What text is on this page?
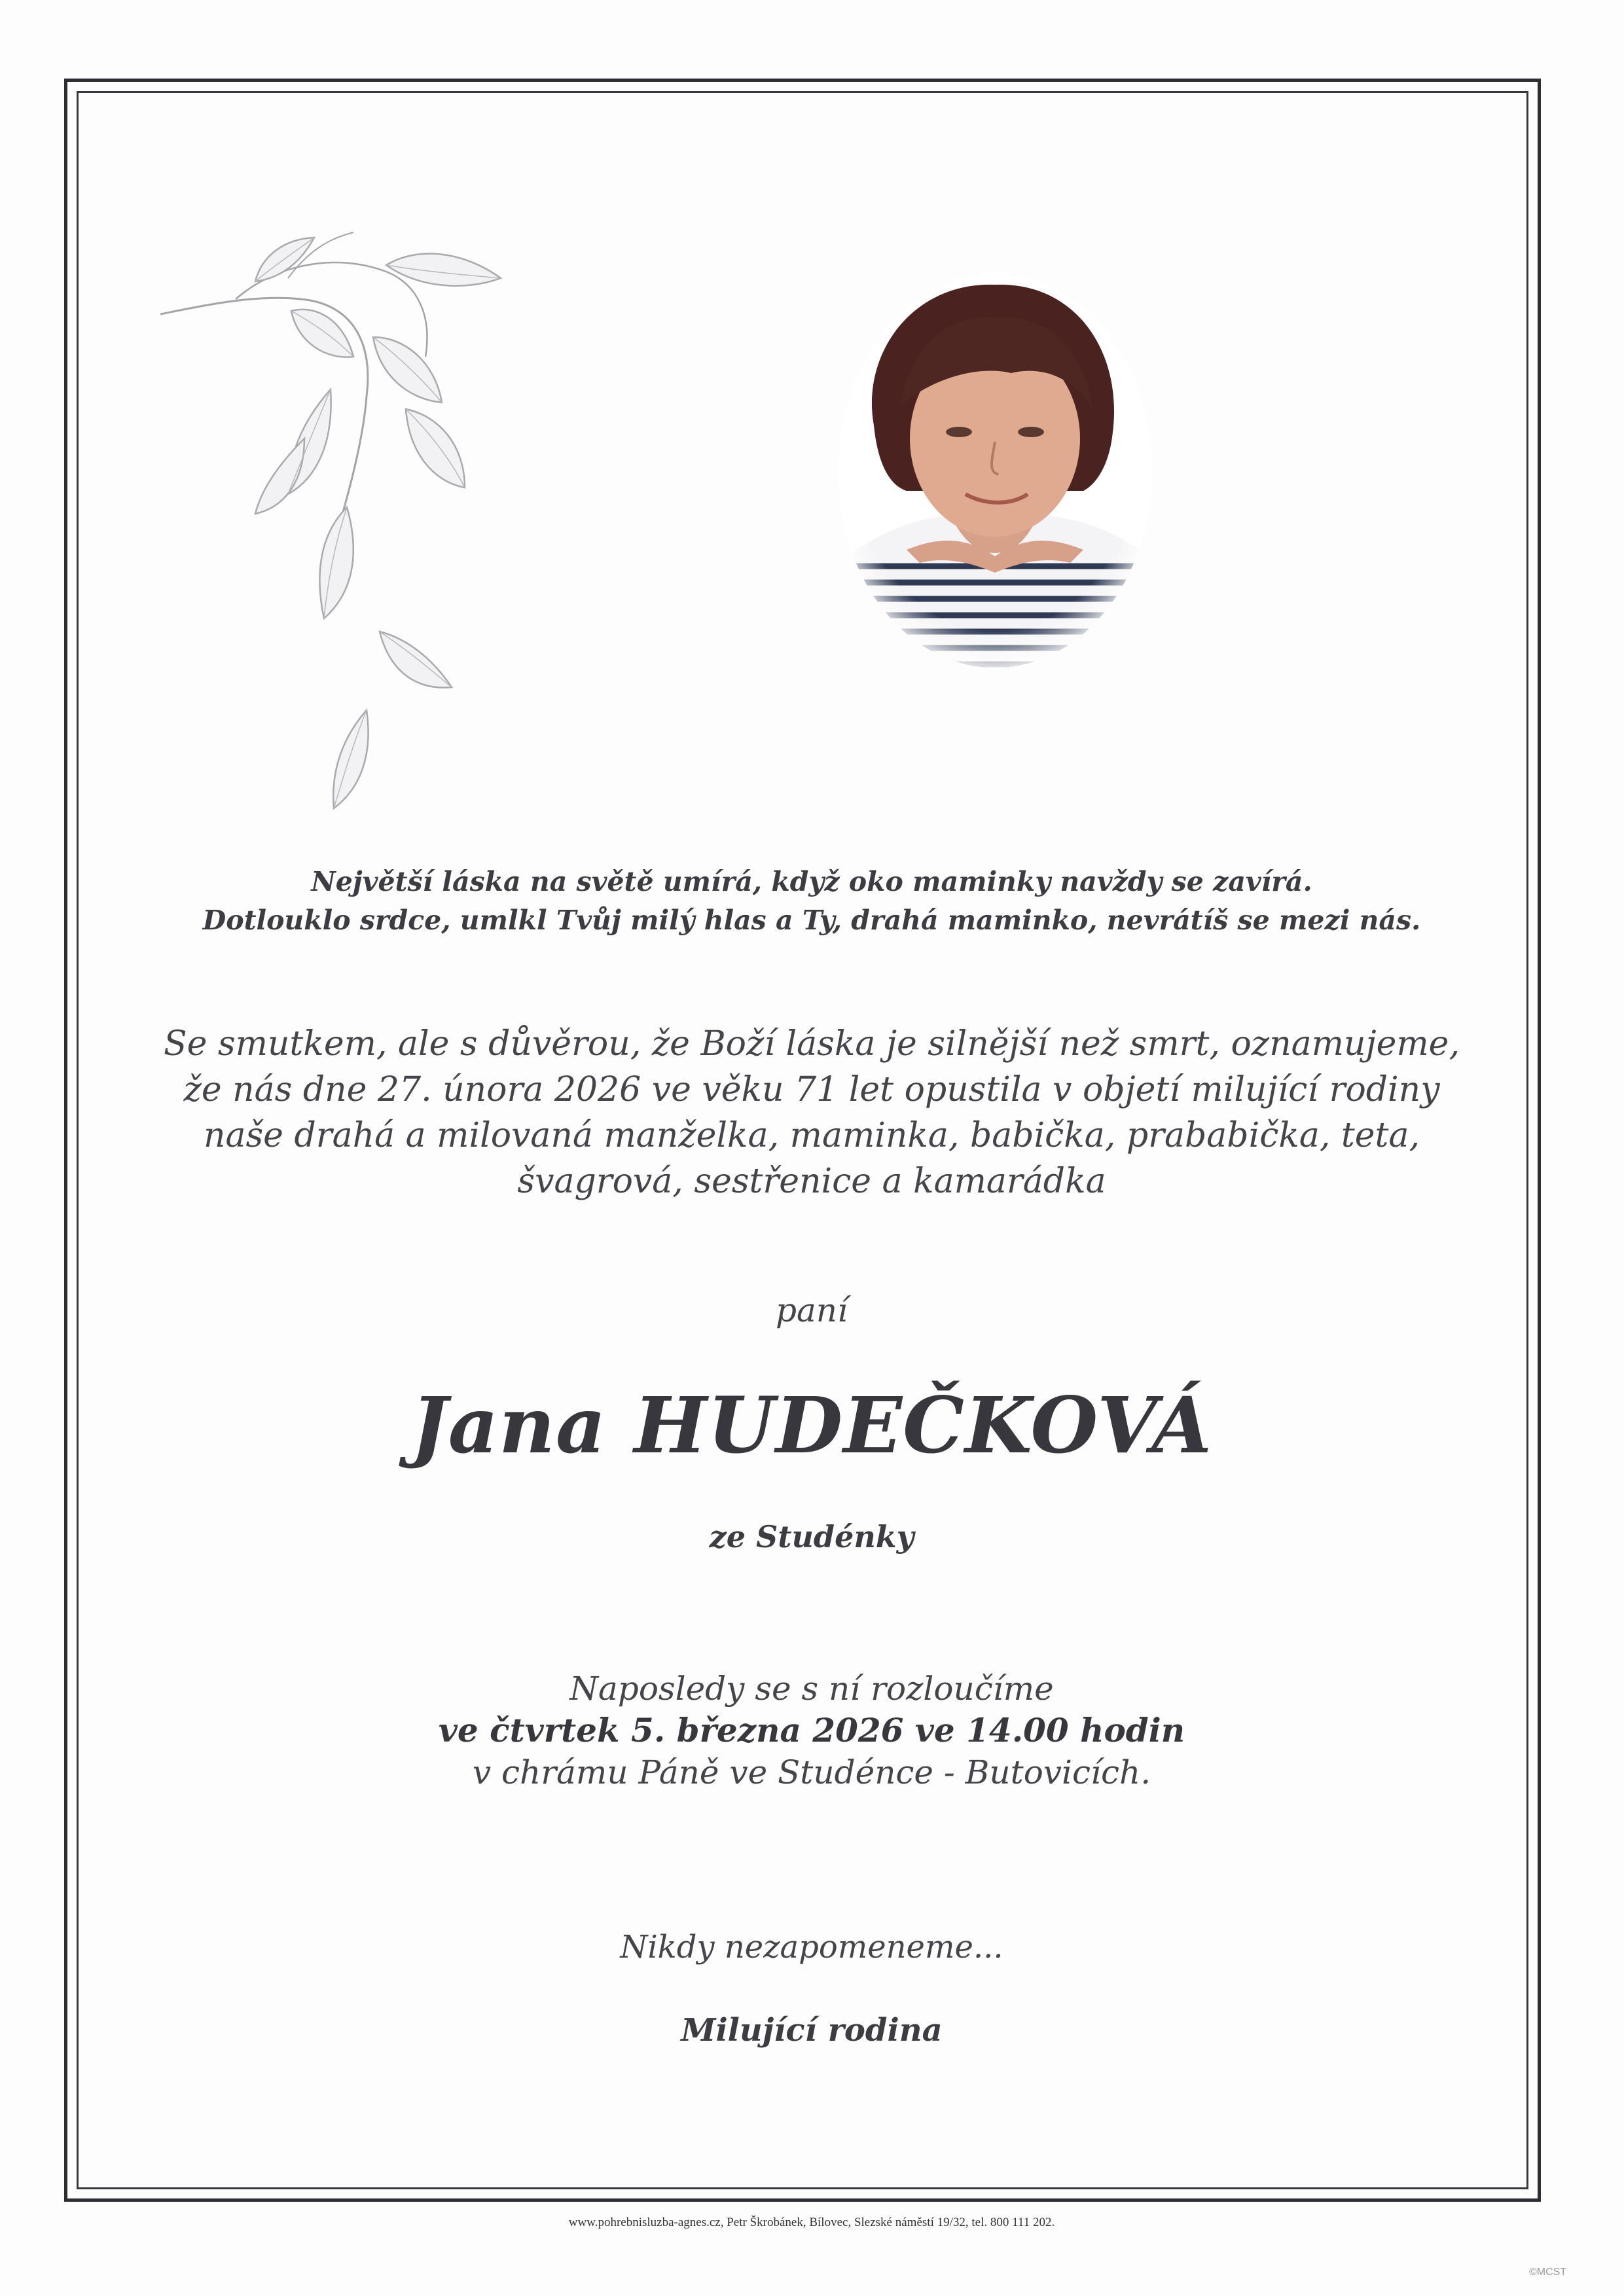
Největší láska na světě umírá, když oko maminky navždy se zavírá.
Dotlouklo srdce, umlkl Tvůj milý hlas a Ty, drahá maminko, nevrátíš se mezi nás.

Se smutkem, ale s důvěrou, že Boží láska je silnější než smrt, oznamujeme,
že nás dne 27. února 2026 ve věku 71 let opustila v objetí milující rodiny
naše drahá a milovaná manželka, maminka, babička, prababička, teta,
švagrová, sestřenice a kamarádka

paní

Jana HUDEČKOVÁ

ze Studénky

Naposledy se s ní rozloučíme
ve čtvrtek 5. března 2026 ve 14.00 hodin
v chrámu Páně ve Studénce - Butovicích.

Nikdy nezapomeneme...

Milující rodina

www.pohrebnisluzba-agnes.cz, Petr Škrobánek, Bílovec, Slezské náměstí 19/32, tel. 800 111 202.
©MCST
